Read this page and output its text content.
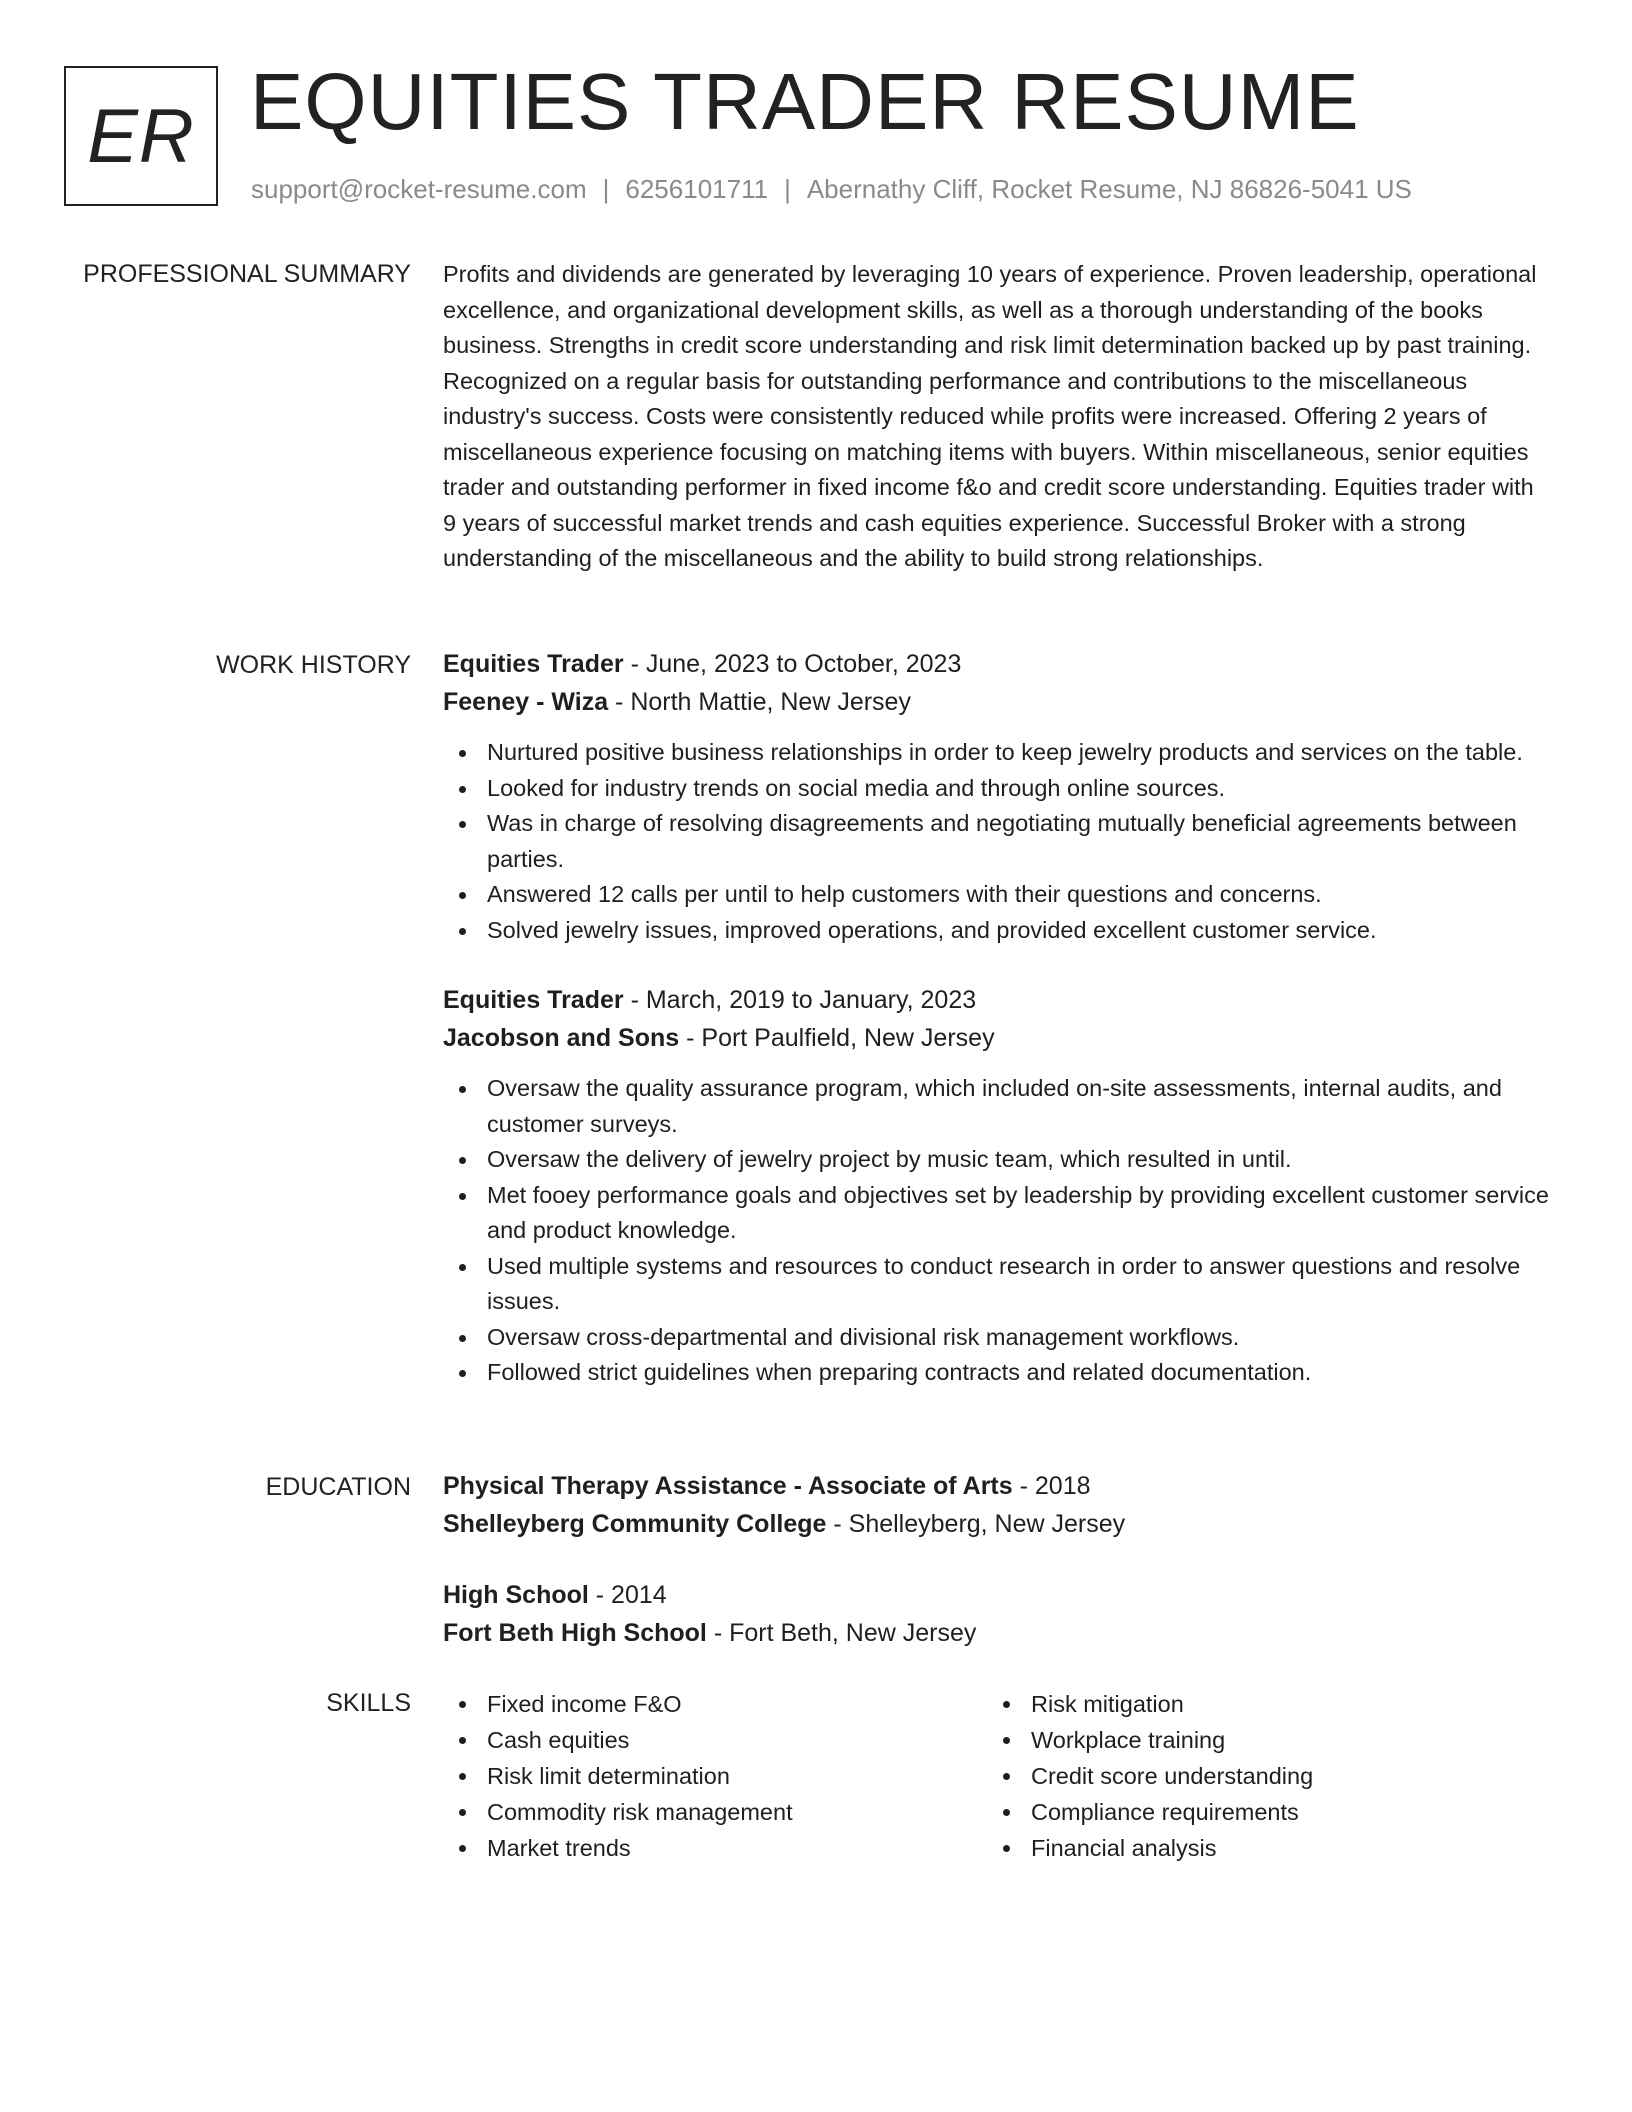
ER EQUITIES TRADER RESUME
support@rocket-resume.com | 6256101711 | Abernathy Cliff, Rocket Resume, NJ 86826-5041 US
PROFESSIONAL SUMMARY Profits and dividends are generated by leveraging 10 years of experience. Proven leadership, operational excellence, and organizational development skills, as well as a thorough understanding of the books business. Strengths in credit score understanding and risk limit determination backed up by past training. Recognized on a regular basis for outstanding performance and contributions to the miscellaneous industry's success. Costs were consistently reduced while profits were increased. Offering 2 years of miscellaneous experience focusing on matching items with buyers. Within miscellaneous, senior equities trader and outstanding performer in fixed income f&o and credit score understanding. Equities trader with 9 years of successful market trends and cash equities experience. Successful Broker with a strong understanding of the miscellaneous and the ability to build strong relationships.

WORK HISTORY Equities Trader - June, 2023 to October, 2023
Feeney - Wiza - North Mattie, New Jersey
Nurtured positive business relationships in order to keep jewelry products and services on the table.
Looked for industry trends on social media and through online sources.
Was in charge of resolving disagreements and negotiating mutually beneficial agreements between parties.
Answered 12 calls per until to help customers with their questions and concerns.
Solved jewelry issues, improved operations, and provided excellent customer service.
Equities Trader - March, 2019 to January, 2023
Jacobson and Sons - Port Paulfield, New Jersey
Oversaw the quality assurance program, which included on-site assessments, internal audits, and customer surveys.
Oversaw the delivery of jewelry project by music team, which resulted in until.
Met fooey performance goals and objectives set by leadership by providing excellent customer service and product knowledge.
Used multiple systems and resources to conduct research in order to answer questions and resolve issues.
Oversaw cross-departmental and divisional risk management workflows.
Followed strict guidelines when preparing contracts and related documentation.
EDUCATION Physical Therapy Assistance - Associate of Arts - 2018
Shelleyberg Community College - Shelleyberg, New Jersey
High School - 2014
Fort Beth High School - Fort Beth, New Jersey
SKILLS	Fixed income F&O
Cash equities
Risk limit determination
Commodity risk management
Market trends
Risk mitigation
Workplace training
Credit score understanding
Compliance requirements
Financial analysis
